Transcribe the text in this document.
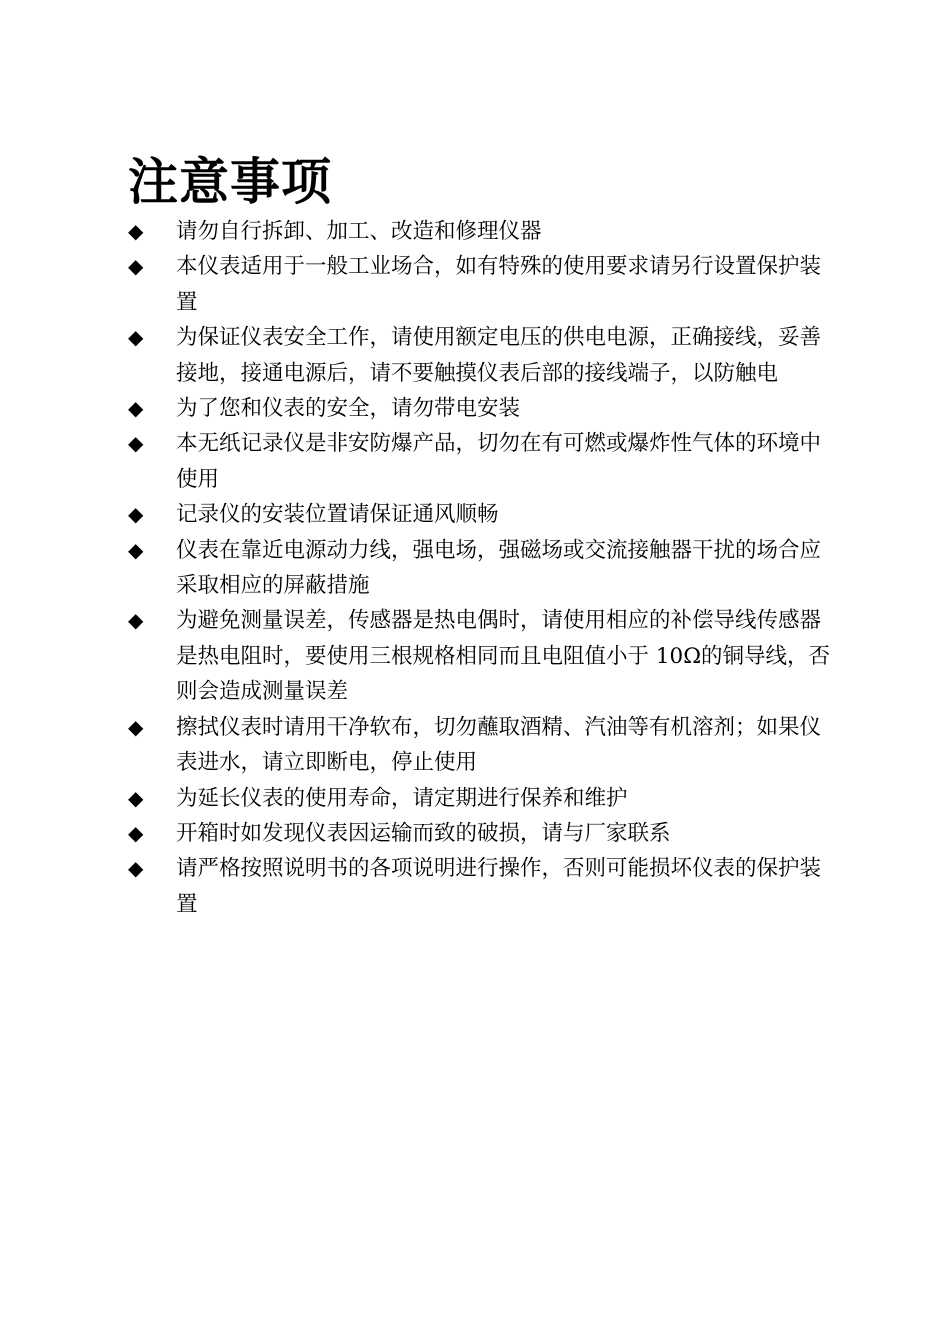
注意事项
◆	请勿自行拆卸、加工、改造和修理仪器
◆	本仪表适用于一般工业场合，如有特殊的使用要求请另行设置保护装置
◆	为保证仪表安全工作，请使用额定电压的供电电源，正确接线，妥善接地，接通电源后，请不要触摸仪表后部的接线端子，以防触电
◆	为了您和仪表的安全，请勿带电安装
◆	本无纸记录仪是非安防爆产品，切勿在有可燃或爆炸性气体的环境中使用
◆	记录仪的安装位置请保证通风顺畅
◆	仪表在靠近电源动力线，强电场，强磁场或交流接触器干扰的场合应采取相应的屏蔽措施
◆	为避免测量误差，传感器是热电偶时，请使用相应的补偿导线传感器是热电阻时，要使用三根规格相同而且电阻值小于 10Ω的铜导线，否则会造成测量误差
◆	擦拭仪表时请用干净软布，切勿蘸取酒精、汽油等有机溶剂；如果仪表进水，请立即断电，停止使用
◆	为延长仪表的使用寿命，请定期进行保养和维护
◆	开箱时如发现仪表因运输而致的破损，请与厂家联系
◆	请严格按照说明书的各项说明进行操作，否则可能损坏仪表的保护装置
